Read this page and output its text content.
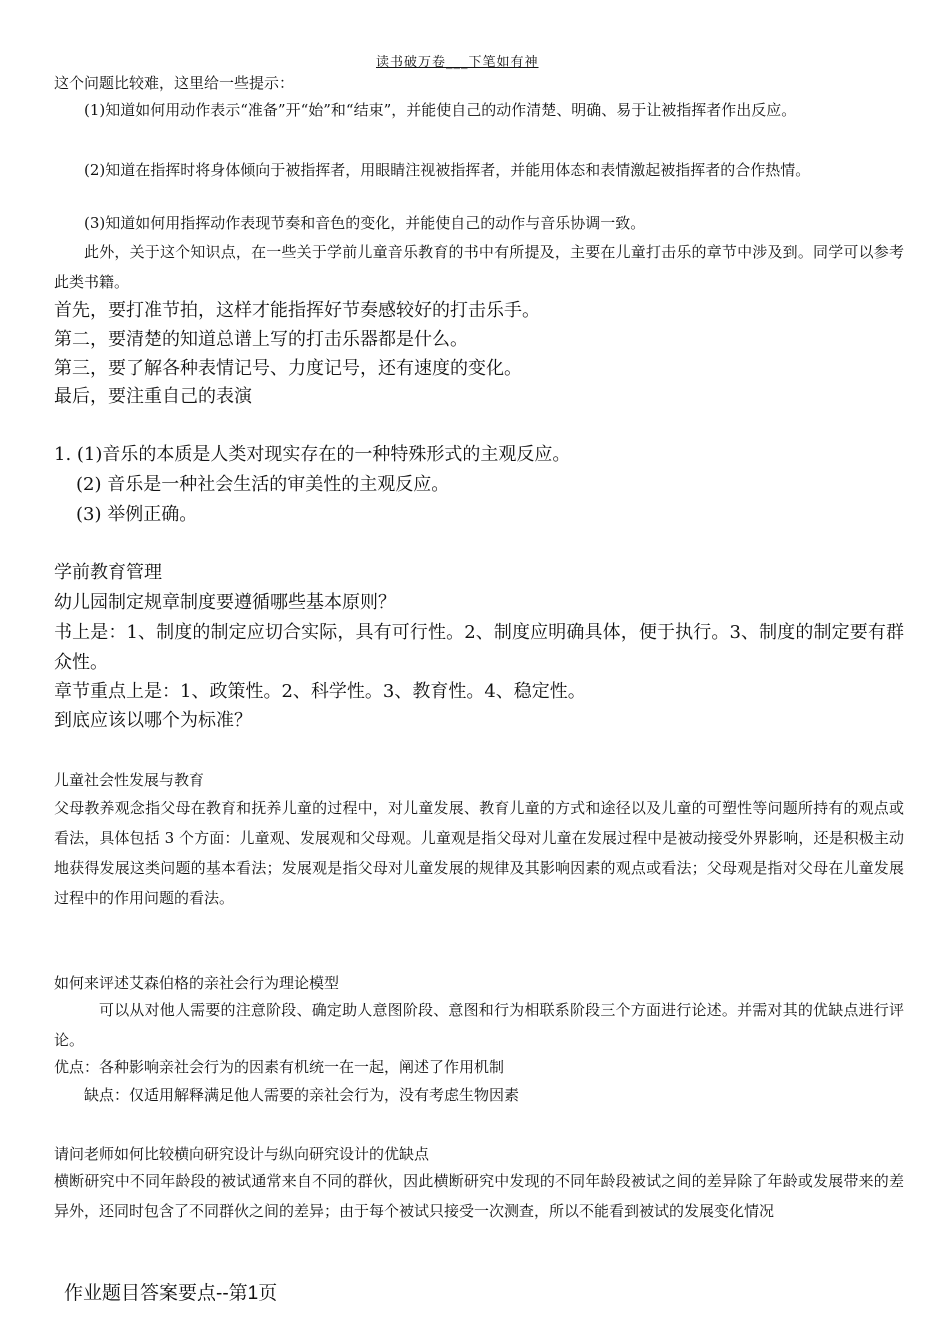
读书破万卷___下笔如有神
这个问题比较难，这里给一些提示：
(1)知道如何用动作表示“准备”开“始”和“结束”，并能使自己的动作清楚、明确、易于让被指挥者作出反应。
(2)知道在指挥时将身体倾向于被指挥者，用眼睛注视被指挥者，并能用体态和表情激起被指挥者的合作热情。
(3)知道如何用指挥动作表现节奏和音色的变化，并能使自己的动作与音乐协调一致。
此外，关于这个知识点，在一些关于学前儿童音乐教育的书中有所提及，主要在儿童打击乐的章节中涉及到。同学可以参考此类书籍。
首先，要打准节拍，这样才能指挥好节奏感较好的打击乐手。
第二，要清楚的知道总谱上写的打击乐器都是什么。
第三，要了解各种表情记号、力度记号，还有速度的变化。
最后，要注重自己的表演
1. (1)音乐的本质是人类对现实存在的一种特殊形式的主观反应。
(2) 音乐是一种社会生活的审美性的主观反应。
(3) 举例正确。
学前教育管理
幼儿园制定规章制度要遵循哪些基本原则？
书上是：1、制度的制定应切合实际，具有可行性。2、制度应明确具体，便于执行。3、制度的制定要有群众性。
章节重点上是：1、政策性。2、科学性。3、教育性。4、稳定性。
到底应该以哪个为标准？
儿童社会性发展与教育
父母教养观念指父母在教育和抚养儿童的过程中，对儿童发展、教育儿童的方式和途径以及儿童的可塑性等问题所持有的观点或看法，具体包括 3 个方面：儿童观、发展观和父母观。儿童观是指父母对儿童在发展过程中是被动接受外界影响，还是积极主动地获得发展这类问题的基本看法；发展观是指父母对儿童发展的规律及其影响因素的观点或看法；父母观是指对父母在儿童发展过程中的作用问题的看法。
如何来评述艾森伯格的亲社会行为理论模型
可以从对他人需要的注意阶段、确定助人意图阶段、意图和行为相联系阶段三个方面进行论述。并需对其的优缺点进行评论。
优点：各种影响亲社会行为的因素有机统一在一起，阐述了作用机制
缺点：仅适用解释满足他人需要的亲社会行为，没有考虑生物因素
请问老师如何比较横向研究设计与纵向研究设计的优缺点
横断研究中不同年龄段的被试通常来自不同的群伙，因此横断研究中发现的不同年龄段被试之间的差异除了年龄或发展带来的差异外，还同时包含了不同群伙之间的差异；由于每个被试只接受一次测查，所以不能看到被试的发展变化情况
作业题目答案要点--第1页
